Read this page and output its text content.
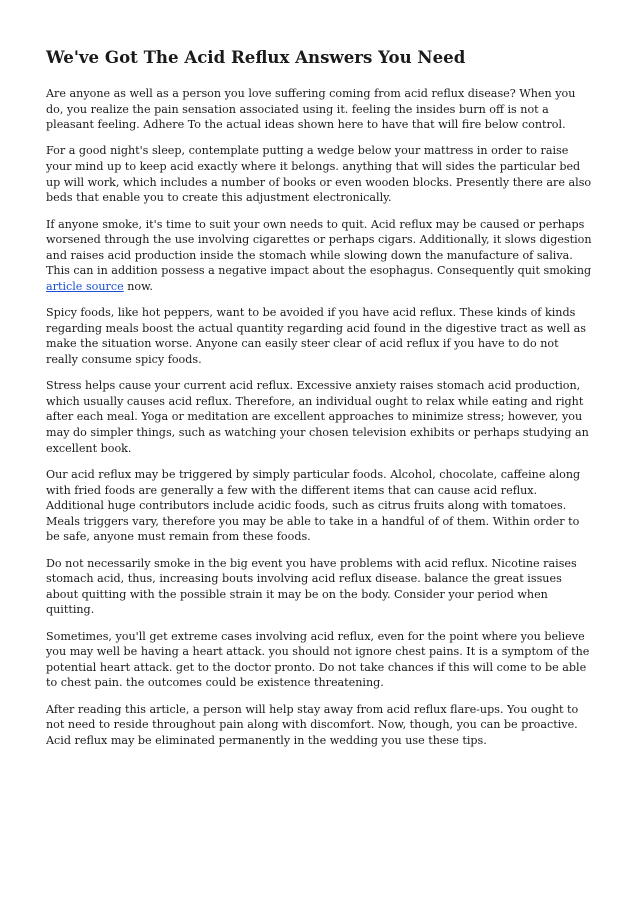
We've Got The Acid Reflux Answers You Need

Are anyone as well as a person you love suffering coming from acid reflux disease? When you do, you realize the pain sensation associated using it. feeling the insides burn off is not a pleasant feeling. Adhere To the actual ideas shown here to have that will fire below control.

For a good night's sleep, contemplate putting a wedge below your mattress in order to raise your mind up to keep acid exactly where it belongs. anything that will sides the particular bed up will work, which includes a number of books or even wooden blocks. Presently there are also beds that enable you to create this adjustment electronically.

If anyone smoke, it's time to suit your own needs to quit. Acid reflux may be caused or perhaps worsened through the use involving cigarettes or perhaps cigars. Additionally, it slows digestion and raises acid production inside the stomach while slowing down the manufacture of saliva. This can in addition possess a negative impact about the esophagus. Consequently quit smoking article source now.

Spicy foods, like hot peppers, want to be avoided if you have acid reflux. These kinds of kinds regarding meals boost the actual quantity regarding acid found in the digestive tract as well as make the situation worse. Anyone can easily steer clear of acid reflux if you have to do not really consume spicy foods.

Stress helps cause your current acid reflux. Excessive anxiety raises stomach acid production, which usually causes acid reflux. Therefore, an individual ought to relax while eating and right after each meal. Yoga or meditation are excellent approaches to minimize stress; however, you may do simpler things, such as watching your chosen television exhibits or perhaps studying an excellent book.

Our acid reflux may be triggered by simply particular foods. Alcohol, chocolate, caffeine along with fried foods are generally a few with the different items that can cause acid reflux. Additional huge contributors include acidic foods, such as citrus fruits along with tomatoes. Meals triggers vary, therefore you may be able to take in a handful of of them. Within order to be safe, anyone must remain from these foods.

Do not necessarily smoke in the big event you have problems with acid reflux. Nicotine raises stomach acid, thus, increasing bouts involving acid reflux disease. balance the great issues about quitting with the possible strain it may be on the body. Consider your period when quitting.

Sometimes, you'll get extreme cases involving acid reflux, even for the point where you believe you may well be having a heart attack. you should not ignore chest pains. It is a symptom of the potential heart attack. get to the doctor pronto. Do not take chances if this will come to be able to chest pain. the outcomes could be existence threatening.

After reading this article, a person will help stay away from acid reflux flare-ups. You ought to not need to reside throughout pain along with discomfort. Now, though, you can be proactive. Acid reflux may be eliminated permanently in the wedding you use these tips.
